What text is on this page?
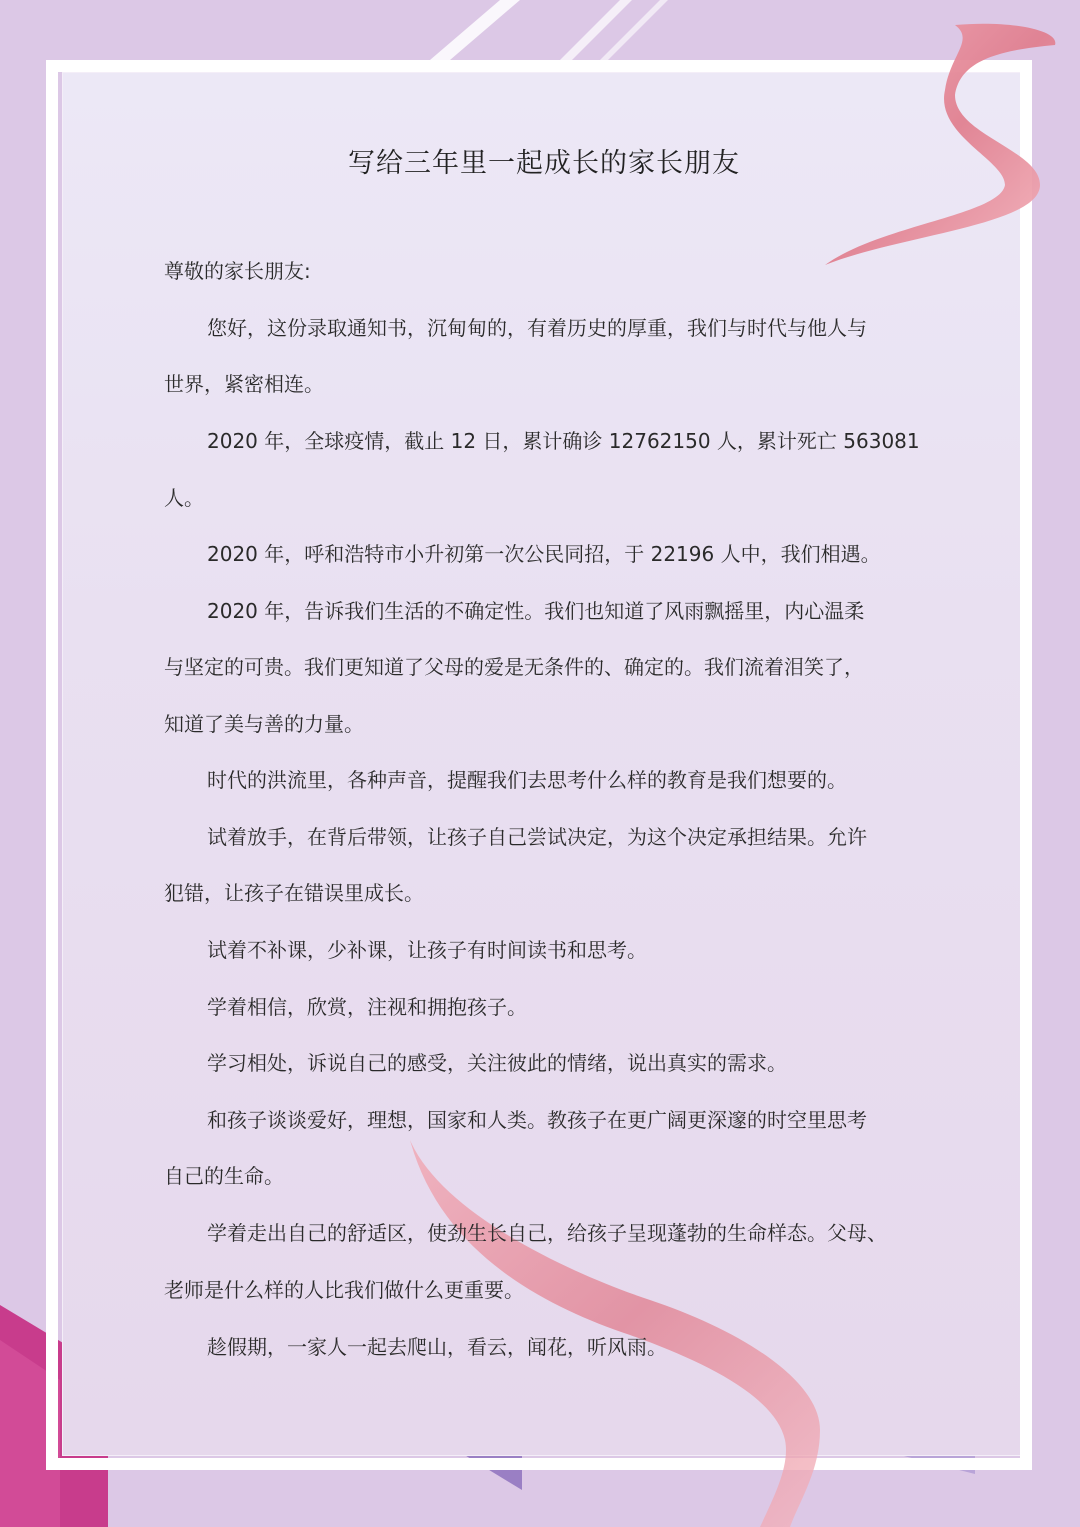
写给三年里一起成长的家长朋友

尊敬的家长朋友:

您好，这份录取通知书，沉甸甸的，有着历史的厚重，我们与时代与他人与

世界，紧密相连。

2020 年，全球疫情，截止 12 日，累计确诊 12762150 人，累计死亡 563081

人。

2020 年，呼和浩特市小升初第一次公民同招，于 22196 人中，我们相遇。

2020 年，告诉我们生活的不确定性。我们也知道了风雨飘摇里，内心温柔

与坚定的可贵。我们更知道了父母的爱是无条件的、确定的。我们流着泪笑了，

知道了美与善的力量。

时代的洪流里，各种声音，提醒我们去思考什么样的教育是我们想要的。

试着放手，在背后带领，让孩子自己尝试决定，为这个决定承担结果。允许

犯错，让孩子在错误里成长。

试着不补课，少补课，让孩子有时间读书和思考。

学着相信，欣赏，注视和拥抱孩子。

学习相处，诉说自己的感受，关注彼此的情绪，说出真实的需求。

和孩子谈谈爱好，理想，国家和人类。教孩子在更广阔更深邃的时空里思考

自己的生命。

学着走出自己的舒适区，使劲生长自己，给孩子呈现蓬勃的生命样态。父母、

老师是什么样的人比我们做什么更重要。

趁假期，一家人一起去爬山，看云，闻花，听风雨。
